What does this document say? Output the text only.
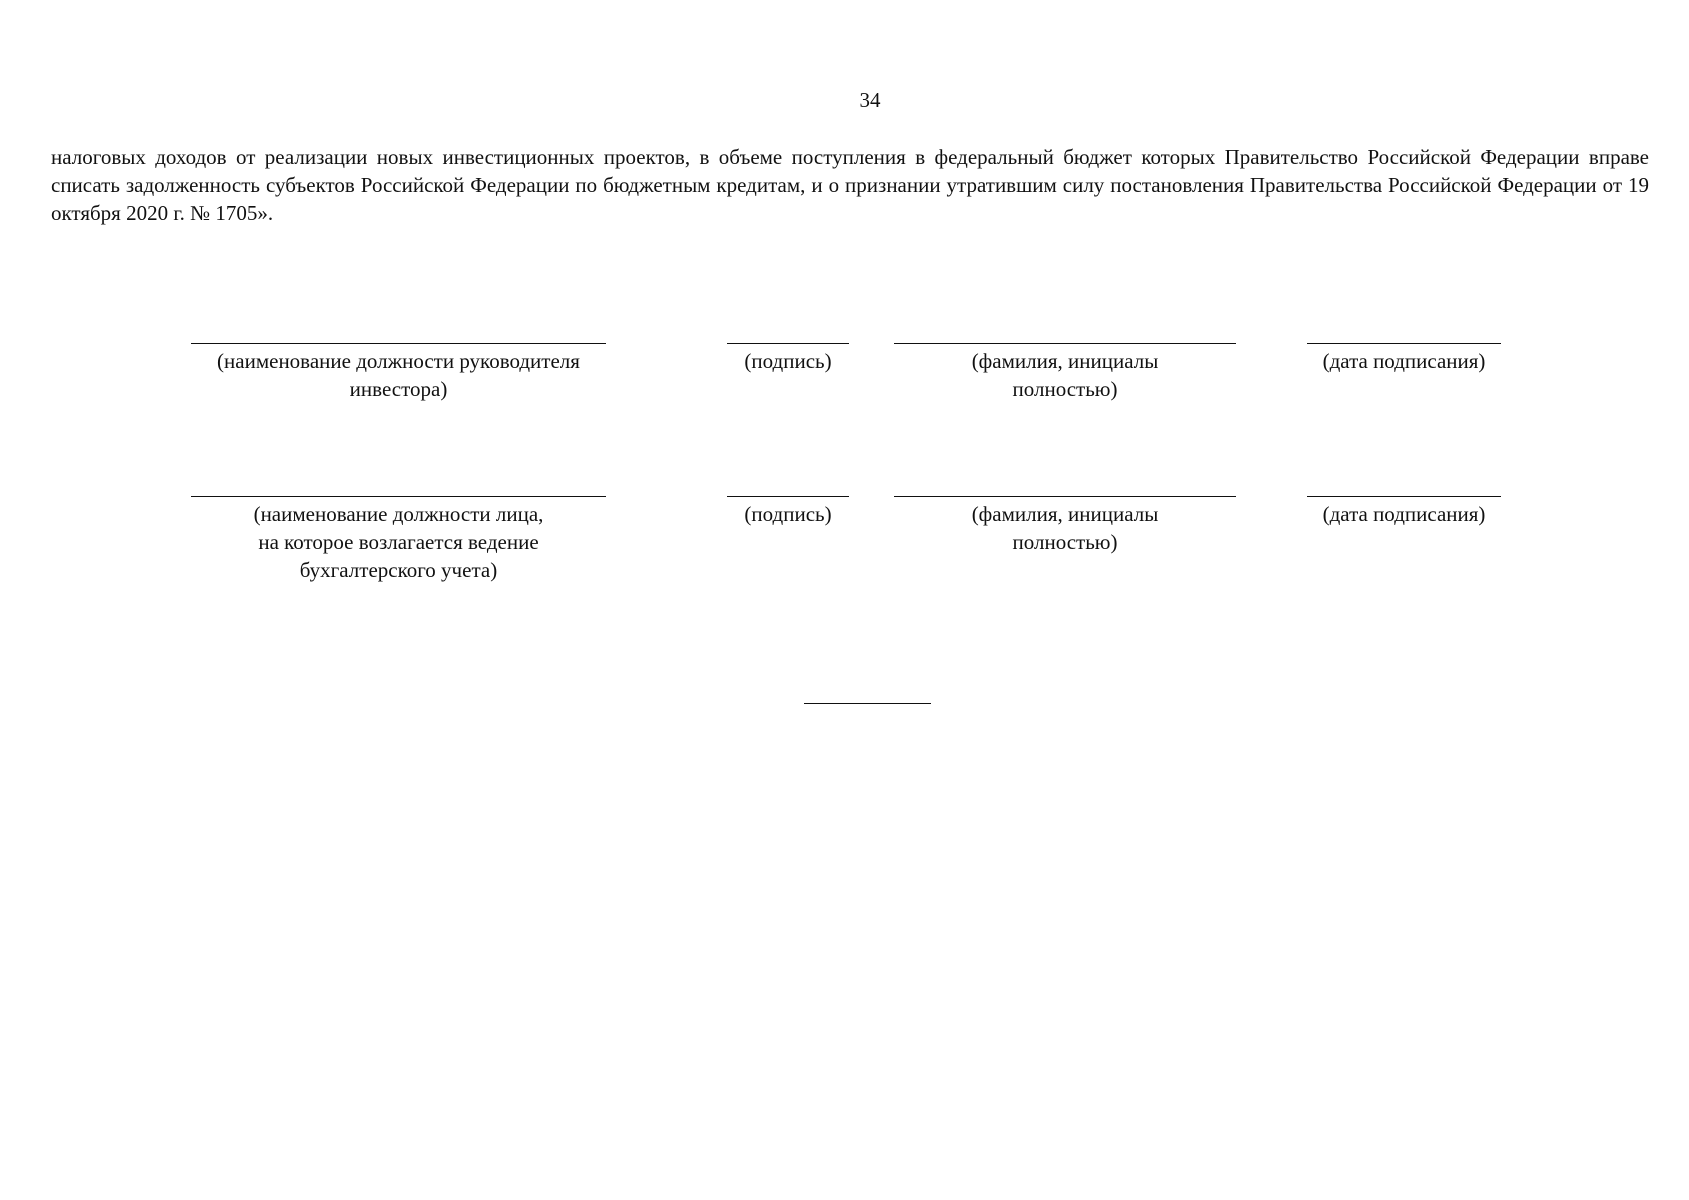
34

налоговых доходов от реализации новых инвестиционных проектов, в объеме поступления в федеральный бюджет которых Правительство Российской Федерации вправе списать задолженность субъектов Российской Федерации по бюджетным кредитам, и о признании утратившим силу постановления Правительства Российской Федерации от 19 октября 2020 г. № 1705».

(наименование должности руководителя
инвестора)
(подпись)	(фамилия, инициалы
полностью)
(дата подписания)
(наименование должности лица,
на которое возлагается ведение
бухгалтерского учета)
(подпись)	(фамилия, инициалы
полностью)
(дата подписания)
